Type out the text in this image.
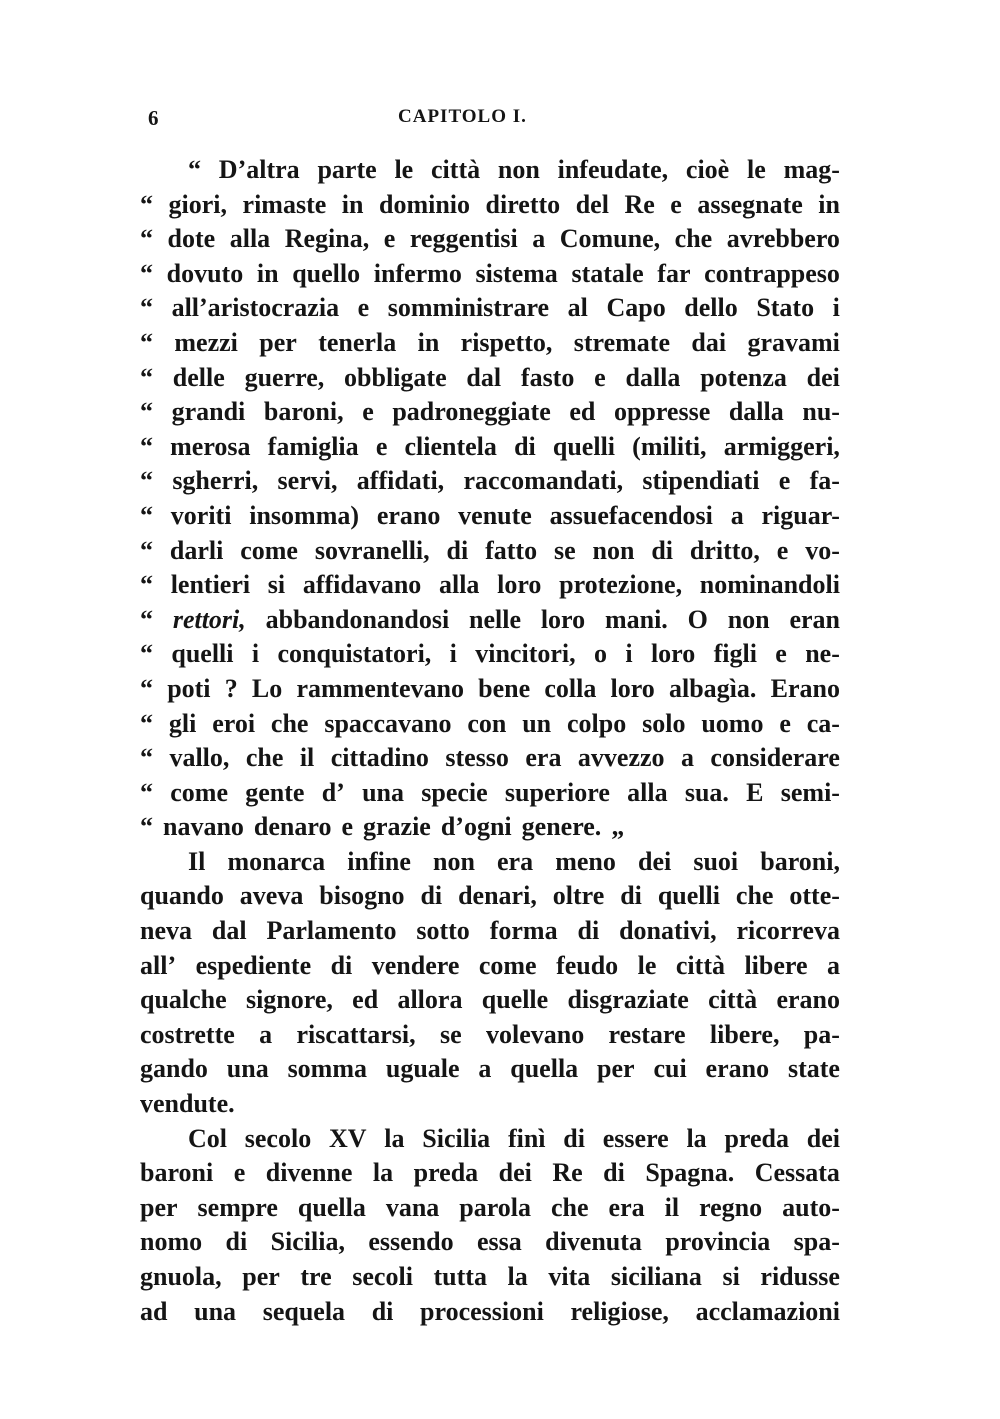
6	CAPITOLO I.
“ D’altra parte le città non infeudate, cioè le mag-
“ giori, rimaste in dominio diretto del Re e assegnate in
“ dote alla Regina, e reggentisi a Comune, che avrebbero
“ dovuto in quello infermo sistema statale far contrappeso
“ all’aristocrazia e somministrare al Capo dello Stato i
“ mezzi per tenerla in rispetto, stremate dai gravami
“ delle guerre, obbligate dal fasto e dalla potenza dei
“ grandi baroni, e padroneggiate ed oppresse dalla nu-
“ merosa famiglia e clientela di quelli (militi, armiggeri,
“ sgherri, servi, affidati, raccomandati, stipendiati e fa-
“ voriti insomma) erano venute assuefacendosi a riguar-
“ darli come sovranelli, di fatto se non di dritto, e vo-
“ lentieri si affidavano alla loro protezione, nominandoli
“ rettori, abbandonandosi nelle loro mani. O non eran
“ quelli i conquistatori, i vincitori, o i loro figli e ne-
“ poti ? Lo rammentevano bene colla loro albagìa. Erano
“ gli eroi che spaccavano con un colpo solo uomo e ca-
“ vallo, che il cittadino stesso era avvezzo a considerare
“ come gente d’ una specie superiore alla sua. E semi-
“ navano denaro e grazie d’ogni genere. „
Il monarca infine non era meno dei suoi baroni,
quando aveva bisogno di denari, oltre di quelli che otte-
neva dal Parlamento sotto forma di donativi, ricorreva
all’ espediente di vendere come feudo le città libere a
qualche signore, ed allora quelle disgraziate città erano
costrette a riscattarsi, se volevano restare libere, pa-
gando una somma uguale a quella per cui erano state
vendute.
Col secolo XV la Sicilia finì di essere la preda dei
baroni e divenne la preda dei Re di Spagna. Cessata
per sempre quella vana parola che era il regno auto-
nomo di Sicilia, essendo essa divenuta provincia spa-
gnuola, per tre secoli tutta la vita siciliana si ridusse
ad una sequela di processioni religiose, acclamazioni
